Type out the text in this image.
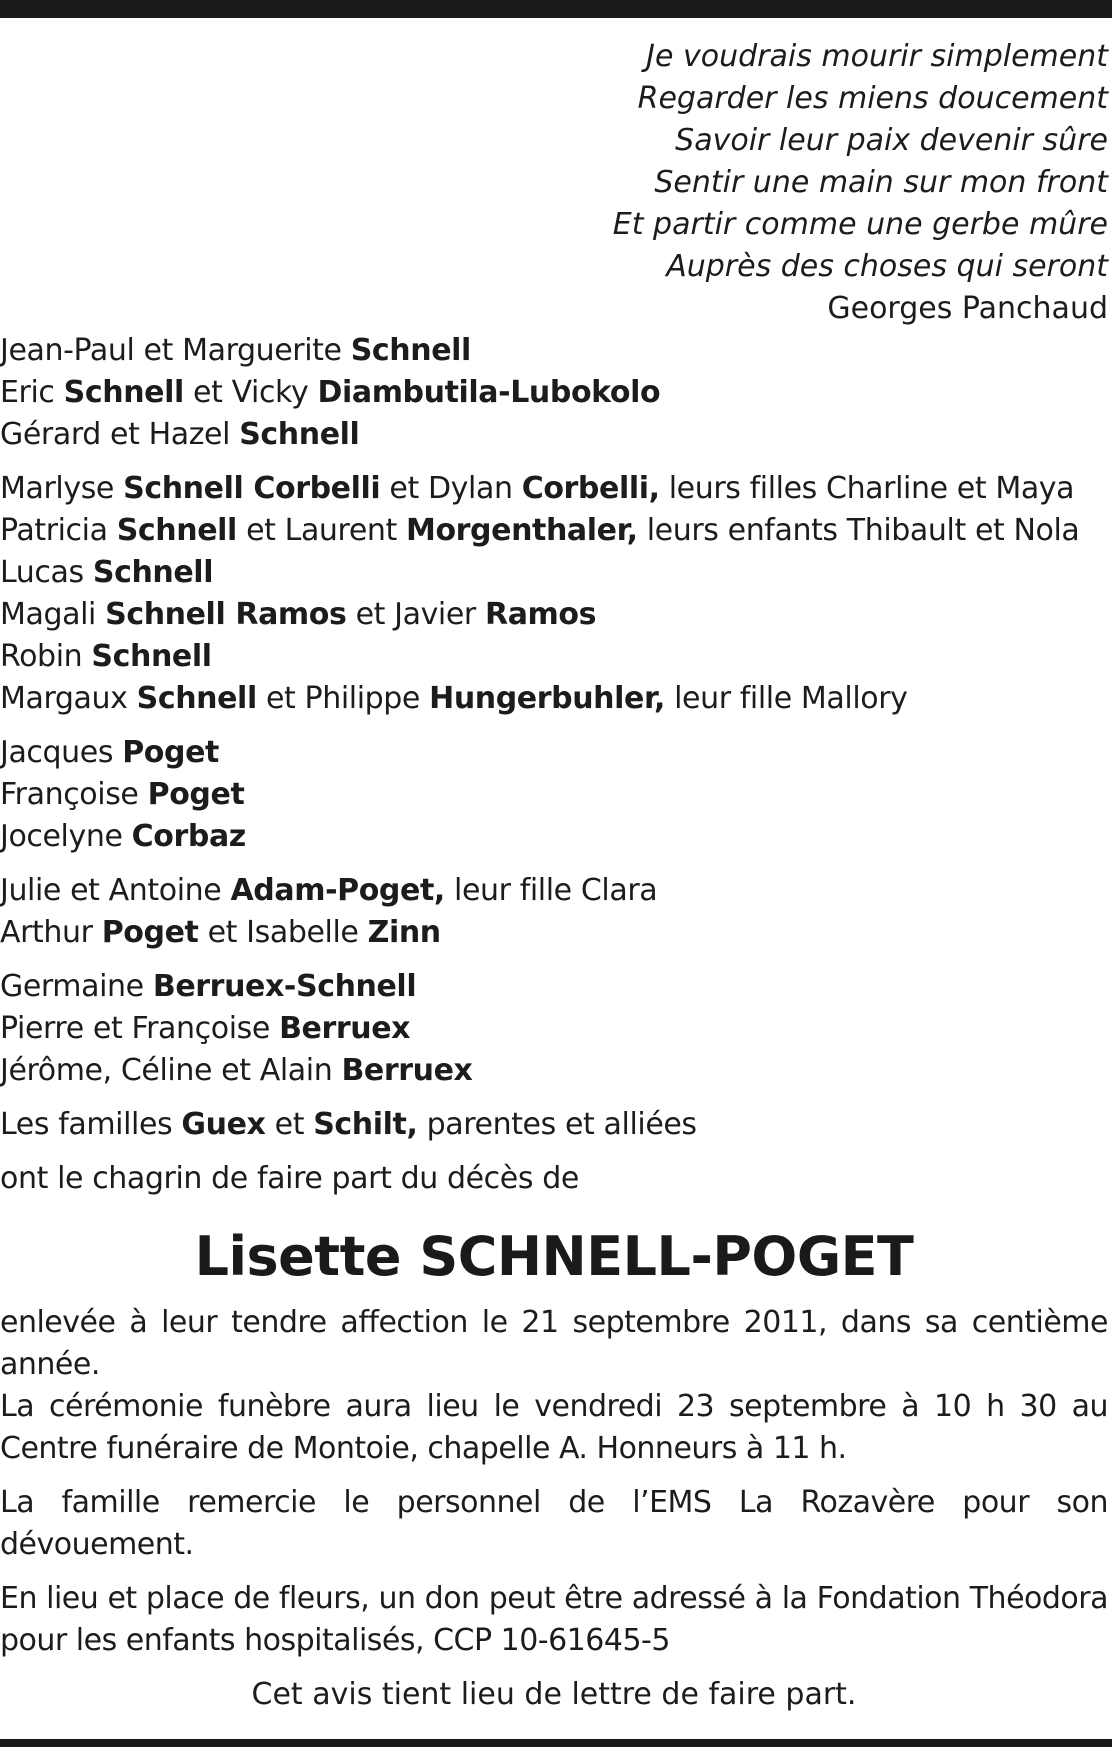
Je voudrais mourir simplement
Regarder les miens doucement
Savoir leur paix devenir sûre
Sentir une main sur mon front
Et partir comme une gerbe mûre
Auprès des choses qui seront
Georges Panchaud
Jean-Paul et Marguerite Schnell
Eric Schnell et Vicky Diambutila-Lubokolo
Gérard et Hazel Schnell
Marlyse Schnell Corbelli et Dylan Corbelli, leurs filles Charline et Maya
Patricia Schnell et Laurent Morgenthaler, leurs enfants Thibault et Nola
Lucas Schnell
Magali Schnell Ramos et Javier Ramos
Robin Schnell
Margaux Schnell et Philippe Hungerbuhler, leur fille Mallory
Jacques Poget
Françoise Poget
Jocelyne Corbaz
Julie et Antoine Adam-Poget, leur fille Clara
Arthur Poget et Isabelle Zinn
Germaine Berruex-Schnell
Pierre et Françoise Berruex
Jérôme, Céline et Alain Berruex
Les familles Guex et Schilt, parentes et alliées
ont le chagrin de faire part du décès de
Lisette SCHNELL-POGET
enlevée à leur tendre affection le 21 septembre 2011, dans sa centième année.
La cérémonie funèbre aura lieu le vendredi 23 septembre à 10 h 30 au Centre funéraire de Montoie, chapelle A. Honneurs à 11 h.
La famille remercie le personnel de l’EMS La Rozavère pour son dévouement.
En lieu et place de fleurs, un don peut être adressé à la Fondation Théodora pour les enfants hospitalisés, CCP 10-61645-5
Cet avis tient lieu de lettre de faire part.
